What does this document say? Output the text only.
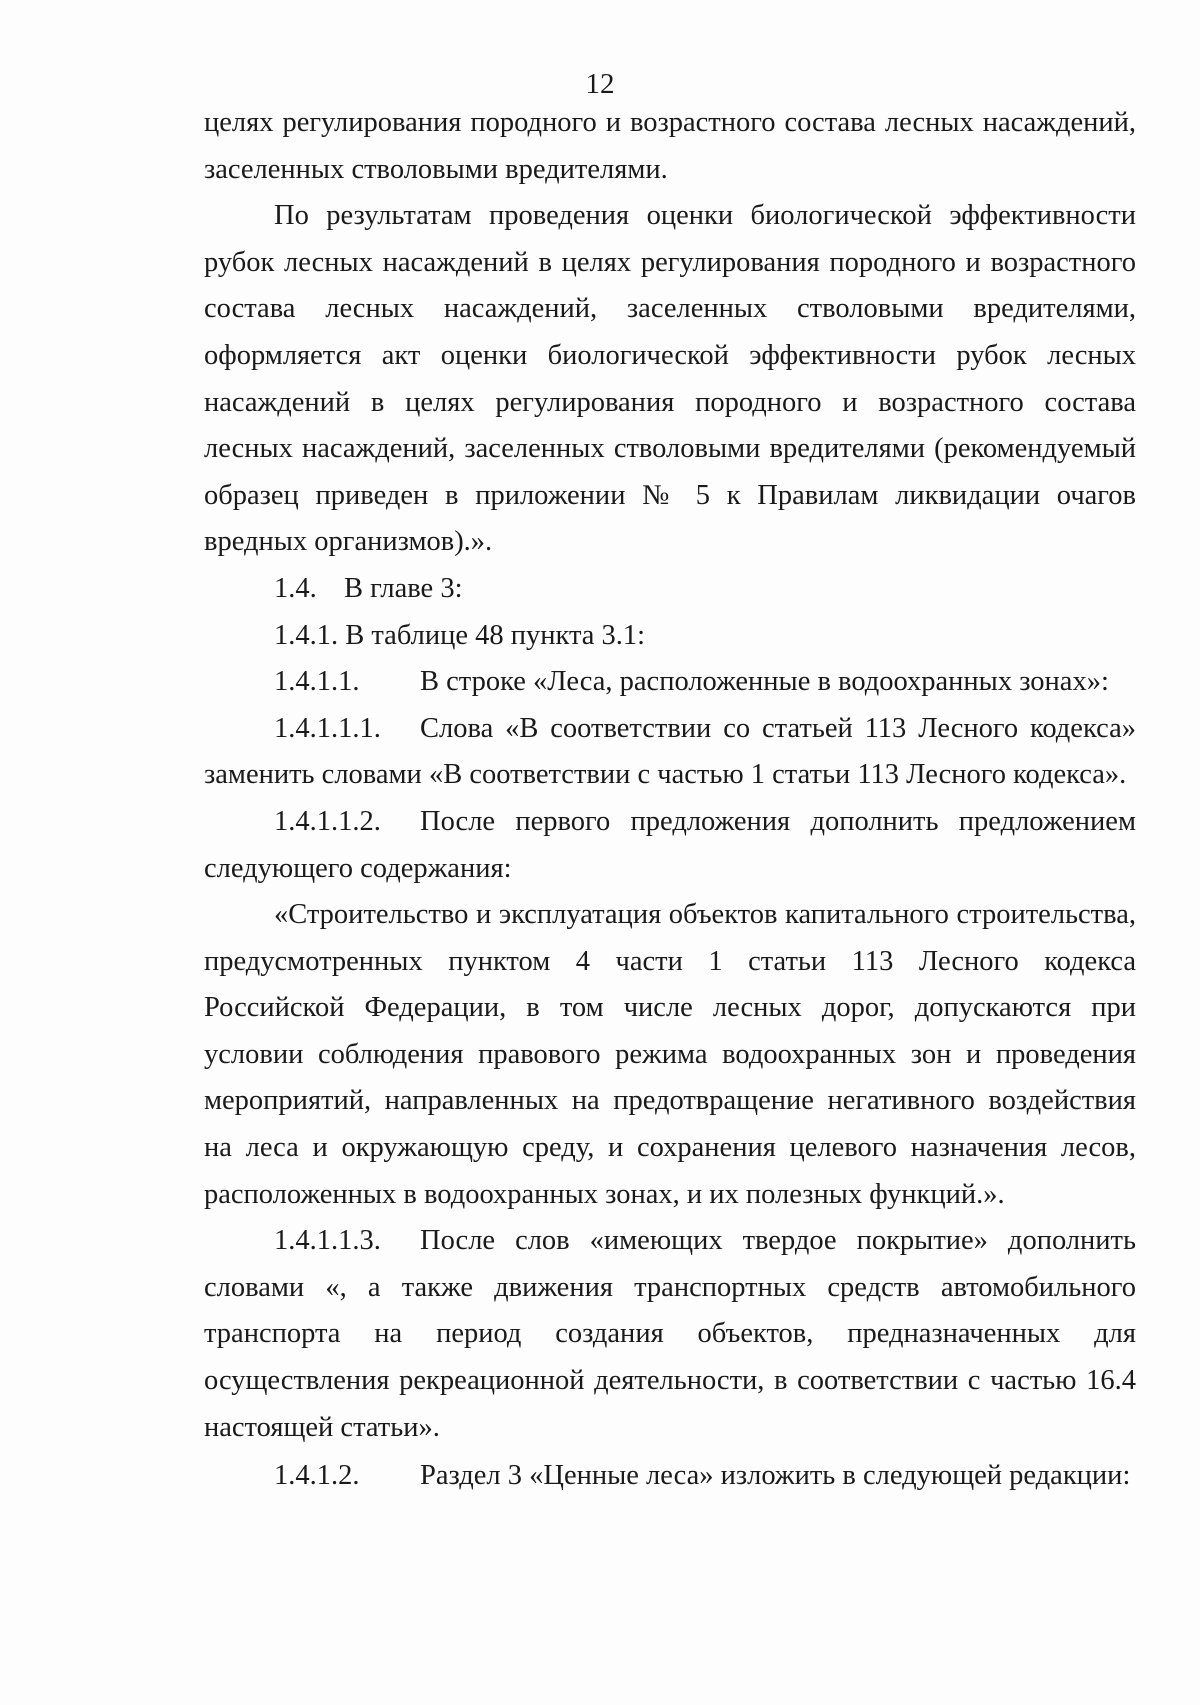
12

целях регулирования породного и возрастного состава лесных насаждений, заселенных стволовыми вредителями.

По результатам проведения оценки биологической эффективности рубок лесных насаждений в целях регулирования породного и возрастного состава лесных насаждений, заселенных стволовыми вредителями, оформляется акт оценки биологической эффективности рубок лесных насаждений в целях регулирования породного и возрастного состава лесных насаждений, заселенных стволовыми вредителями (рекомендуемый образец приведен в приложении № 5 к Правилам ликвидации очагов вредных организмов).».

1.4. В главе 3:

1.4.1. В таблице 48 пункта 3.1:

1.4.1.1.	В строке «Леса, расположенные в водоохранных зонах»:
1.4.1.1.1.	Слова «В соответствии со статьей 113 Лесного кодекса»

заменить словами «В соответствии с частью 1 статьи 113 Лесного кодекса».

1.4.1.1.2.	После первого предложения дополнить предложением

следующего содержания:

«Строительство и эксплуатация объектов капитального строительства, предусмотренных пунктом 4 части 1 статьи 113 Лесного кодекса Российской Федерации, в том числе лесных дорог, допускаются при условии соблюдения правового режима водоохранных зон и проведения мероприятий, направленных на предотвращение негативного воздействия на леса и окружающую среду, и сохранения целевого назначения лесов, расположенных в водоохранных зонах, и их полезных функций.».

1.4.1.1.3.	После слов «имеющих твердое покрытие» дополнить

словами «, а также движения транспортных средств автомобильного транспорта на период создания объектов, предназначенных для осуществления рекреационной деятельности, в соответствии с частью 16.4 настоящей статьи».

1.4.1.2.	Раздел 3 «Ценные леса» изложить в следующей редакции:
